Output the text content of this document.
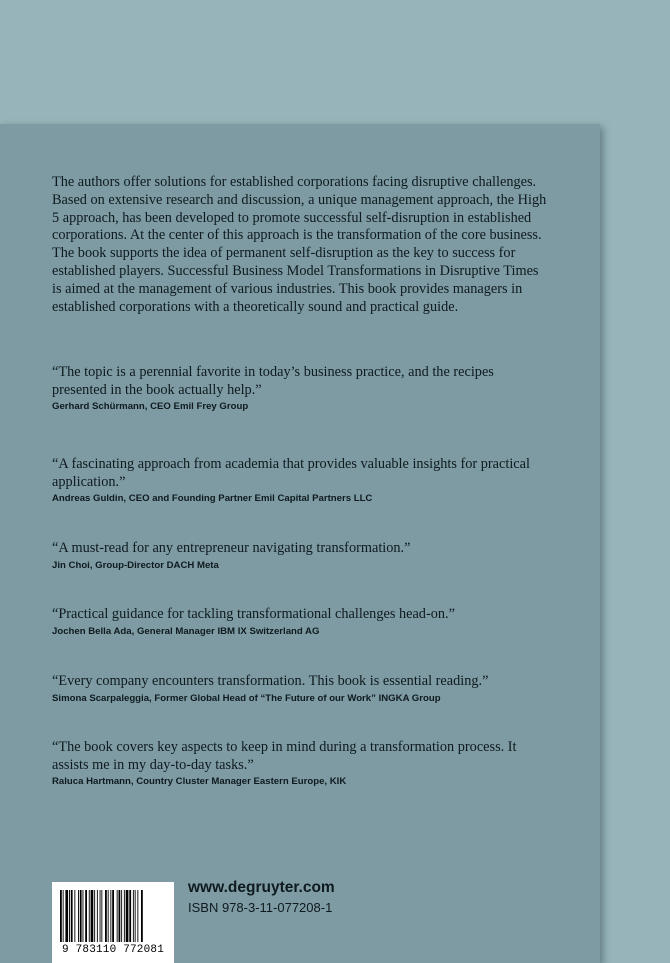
The authors offer solutions for established corporations facing disruptive challenges. Based on extensive research and discussion, a unique management approach, the High 5 approach, has been developed to promote successful self-disruption in established corporations. At the center of this approach is the transformation of the core business. The book supports the idea of permanent self-disruption as the key to success for established players. Successful Business Model Transformations in Disruptive Times is aimed at the management of various industries. This book provides managers in established corporations with a theoretically sound and practical guide.

“The topic is a perennial favorite in today’s business practice, and the recipes presented in the book actually help.”

Gerhard Schürmann, CEO Emil Frey Group

“A fascinating approach from academia that provides valuable insights for practical application.”

Andreas Guldin, CEO and Founding Partner Emil Capital Partners LLC

“A must-read for any entrepreneur navigating transformation.”

Jin Choi, Group-Director DACH Meta

“Practical guidance for tackling transformational challenges head-on.”

Jochen Bella Ada, General Manager IBM IX Switzerland AG

“Every company encounters transformation. This book is essential reading.”

Simona Scarpaleggia, Former Global Head of “The Future of our Work” INGKA Group

“The book covers key aspects to keep in mind during a transformation process. It assists me in my day-to-day tasks.”

Raluca Hartmann, Country Cluster Manager Eastern Europe, KIK

9 783110 772081

www.degruyter.com

ISBN 978-3-11-077208-1
